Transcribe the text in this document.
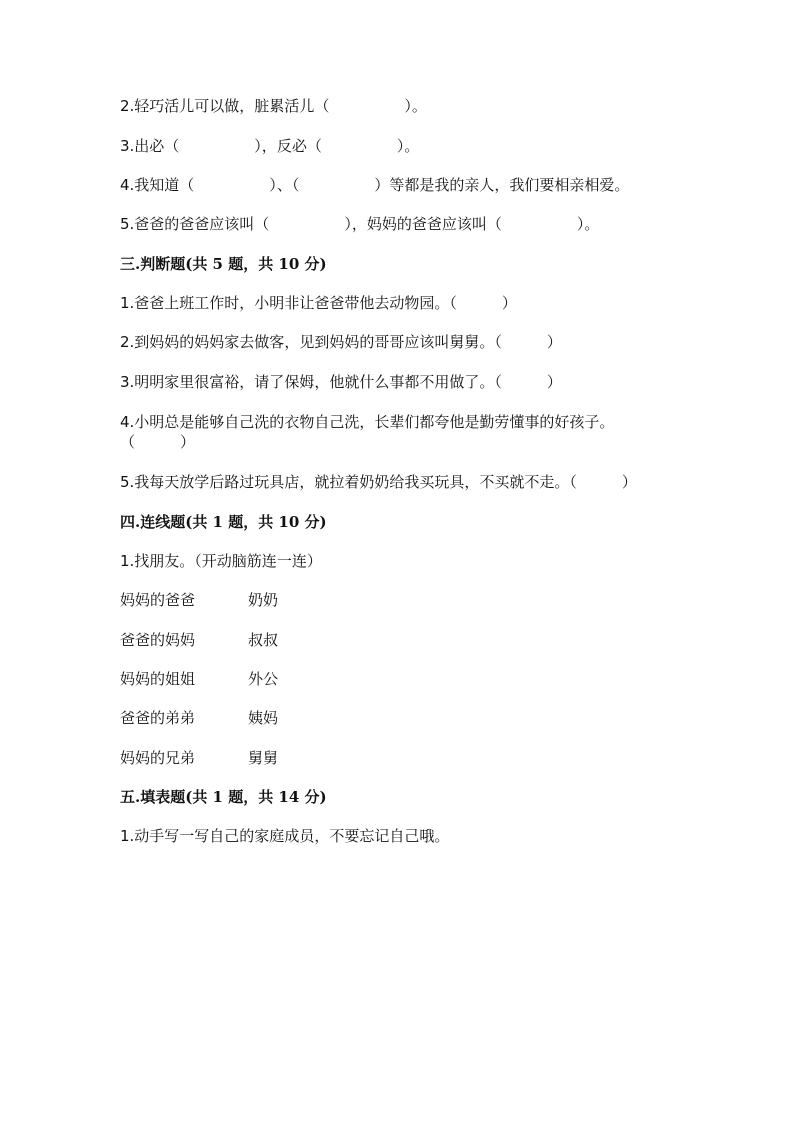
2.轻巧活儿可以做，脏累活儿（　　　　　）。
3.出必（　　　　　），反必（　　　　　）。
4.我知道（　　　　　）、（　　　　　）等都是我的亲人，我们要相亲相爱。
5.爸爸的爸爸应该叫（　　　　　），妈妈的爸爸应该叫（　　　　　）。
三.判断题(共 5 题，共 10 分)
1.爸爸上班工作时，小明非让爸爸带他去动物园。（　　　）
2.到妈妈的妈妈家去做客，见到妈妈的哥哥应该叫舅舅。（　　　）
3.明明家里很富裕，请了保姆，他就什么事都不用做了。（　　　）
4.小明总是能够自己洗的衣物自己洗，长辈们都夸他是勤劳懂事的好孩子。
（　　　）
5.我每天放学后路过玩具店，就拉着奶奶给我买玩具，不买就不走。（　　　）
四.连线题(共 1 题，共 10 分)
1.找朋友。（开动脑筋连一连）
妈妈的爸爸	奶奶
爸爸的妈妈	叔叔
妈妈的姐姐	外公
爸爸的弟弟	姨妈
妈妈的兄弟	舅舅
五.填表题(共 1 题，共 14 分)
1.动手写一写自己的家庭成员，不要忘记自己哦。
